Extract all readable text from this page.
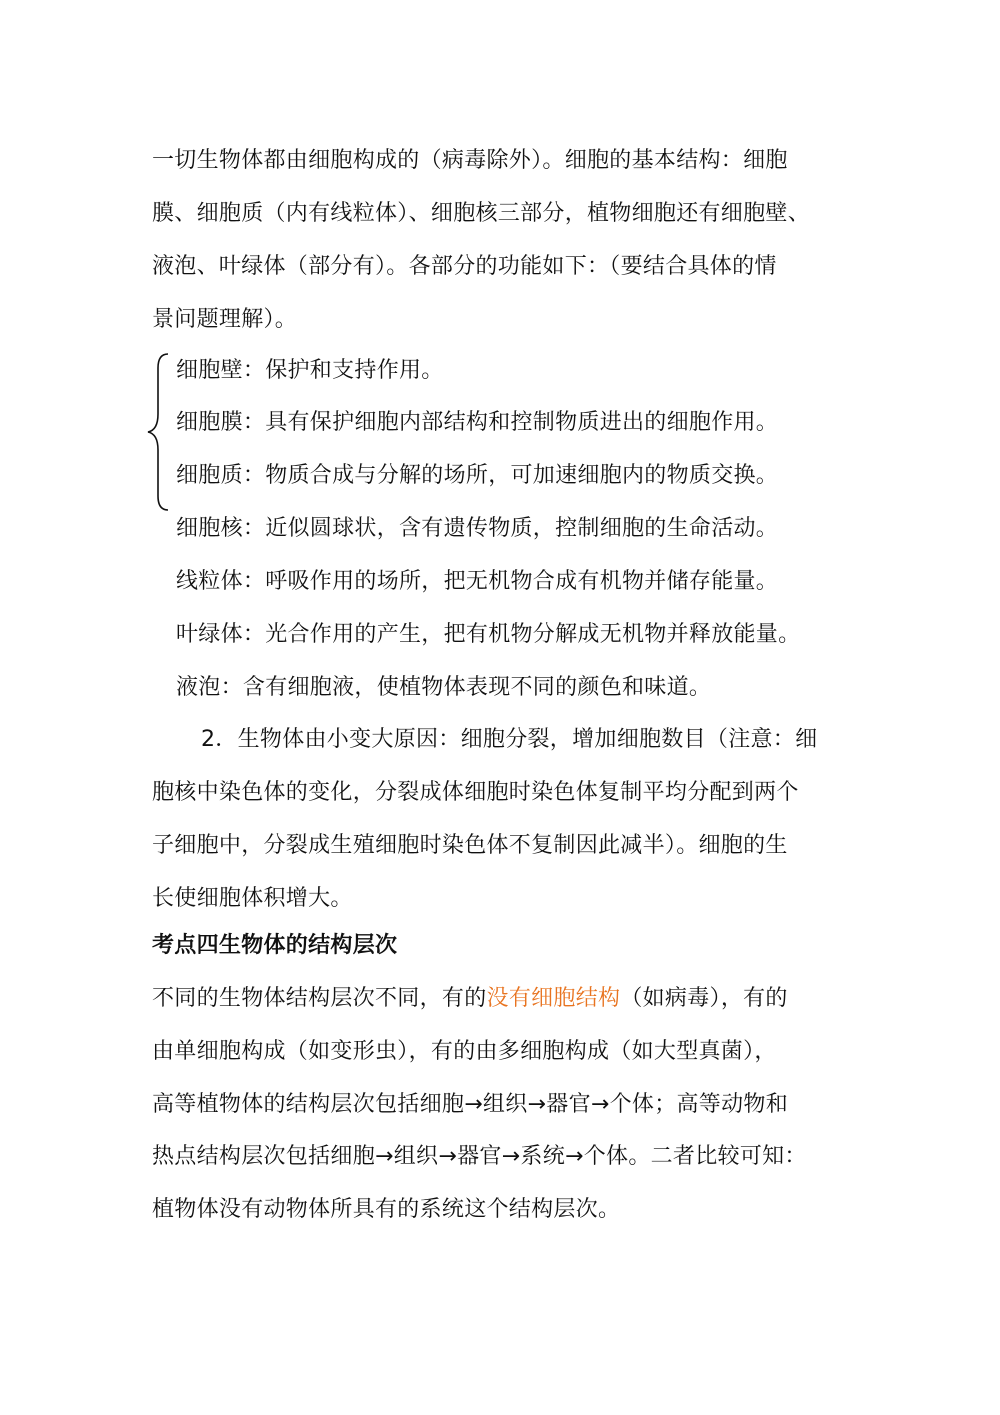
一切生物体都由细胞构成的（病毒除外）。细胞的基本结构：细胞
膜、细胞质（内有线粒体）、细胞核三部分，植物细胞还有细胞壁、
液泡、叶绿体（部分有）。各部分的功能如下：（要结合具体的情
景问题理解）。
细胞壁：保护和支持作用。
细胞膜：具有保护细胞内部结构和控制物质进出的细胞作用。
细胞质：物质合成与分解的场所，可加速细胞内的物质交换。
细胞核：近似圆球状，含有遗传物质，控制细胞的生命活动。
线粒体：呼吸作用的场所，把无机物合成有机物并储存能量。
叶绿体：光合作用的产生，把有机物分解成无机物并释放能量。
液泡：含有细胞液，使植物体表现不同的颜色和味道。
2．生物体由小变大原因：细胞分裂，增加细胞数目（注意：细
胞核中染色体的变化，分裂成体细胞时染色体复制平均分配到两个
子细胞中，分裂成生殖细胞时染色体不复制因此减半）。细胞的生
长使细胞体积增大。
考点四生物体的结构层次
不同的生物体结构层次不同，有的没有细胞结构（如病毒），有的
由单细胞构成（如变形虫），有的由多细胞构成（如大型真菌），
高等植物体的结构层次包括细胞→组织→器官→个体；高等动物和
热点结构层次包括细胞→组织→器官→系统→个体。二者比较可知：
植物体没有动物体所具有的系统这个结构层次。
